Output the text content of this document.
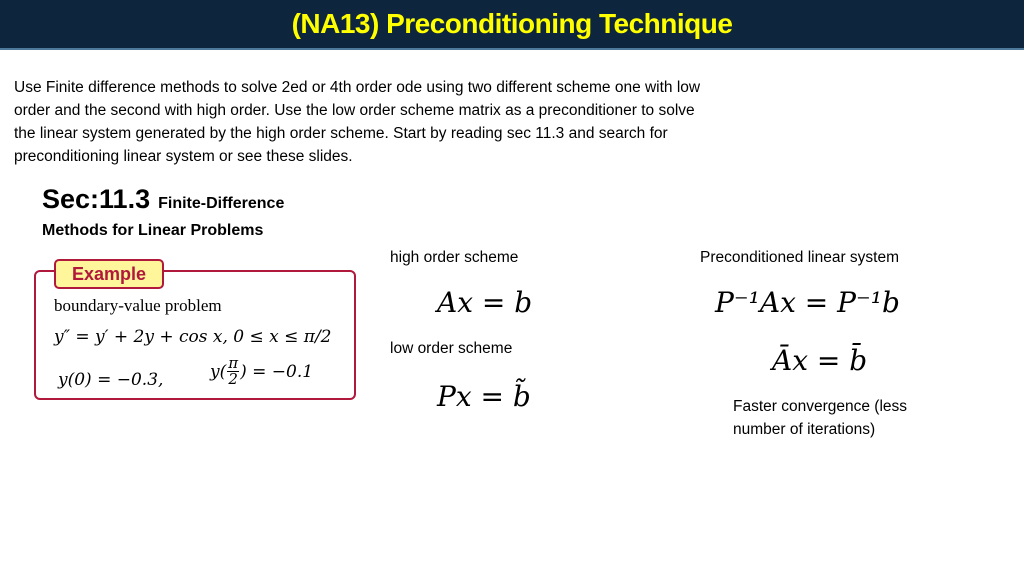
(NA13) Preconditioning Technique
Use Finite difference methods to solve 2ed or 4th order ode using two different scheme one with low order and the second with high order. Use the low order scheme matrix as a preconditioner to solve the linear system generated by the high order scheme. Start by reading sec 11.3 and search for preconditioning linear system or see these slides.
Sec:11.3 Finite-Difference
Methods for Linear Problems
Example
boundary-value problem
y″ = y′ + 2y + cos x, 0 ≤ x ≤ π/2
y(0) = −0.3,	$y( \frac{\pi}{2}$ ) = −0.1
high order scheme
Ax = b
low order scheme
Px = b̃
Preconditioned linear system
P⁻¹Ax = P⁻¹b
Āx = b̄
Faster convergence (less number of iterations)
